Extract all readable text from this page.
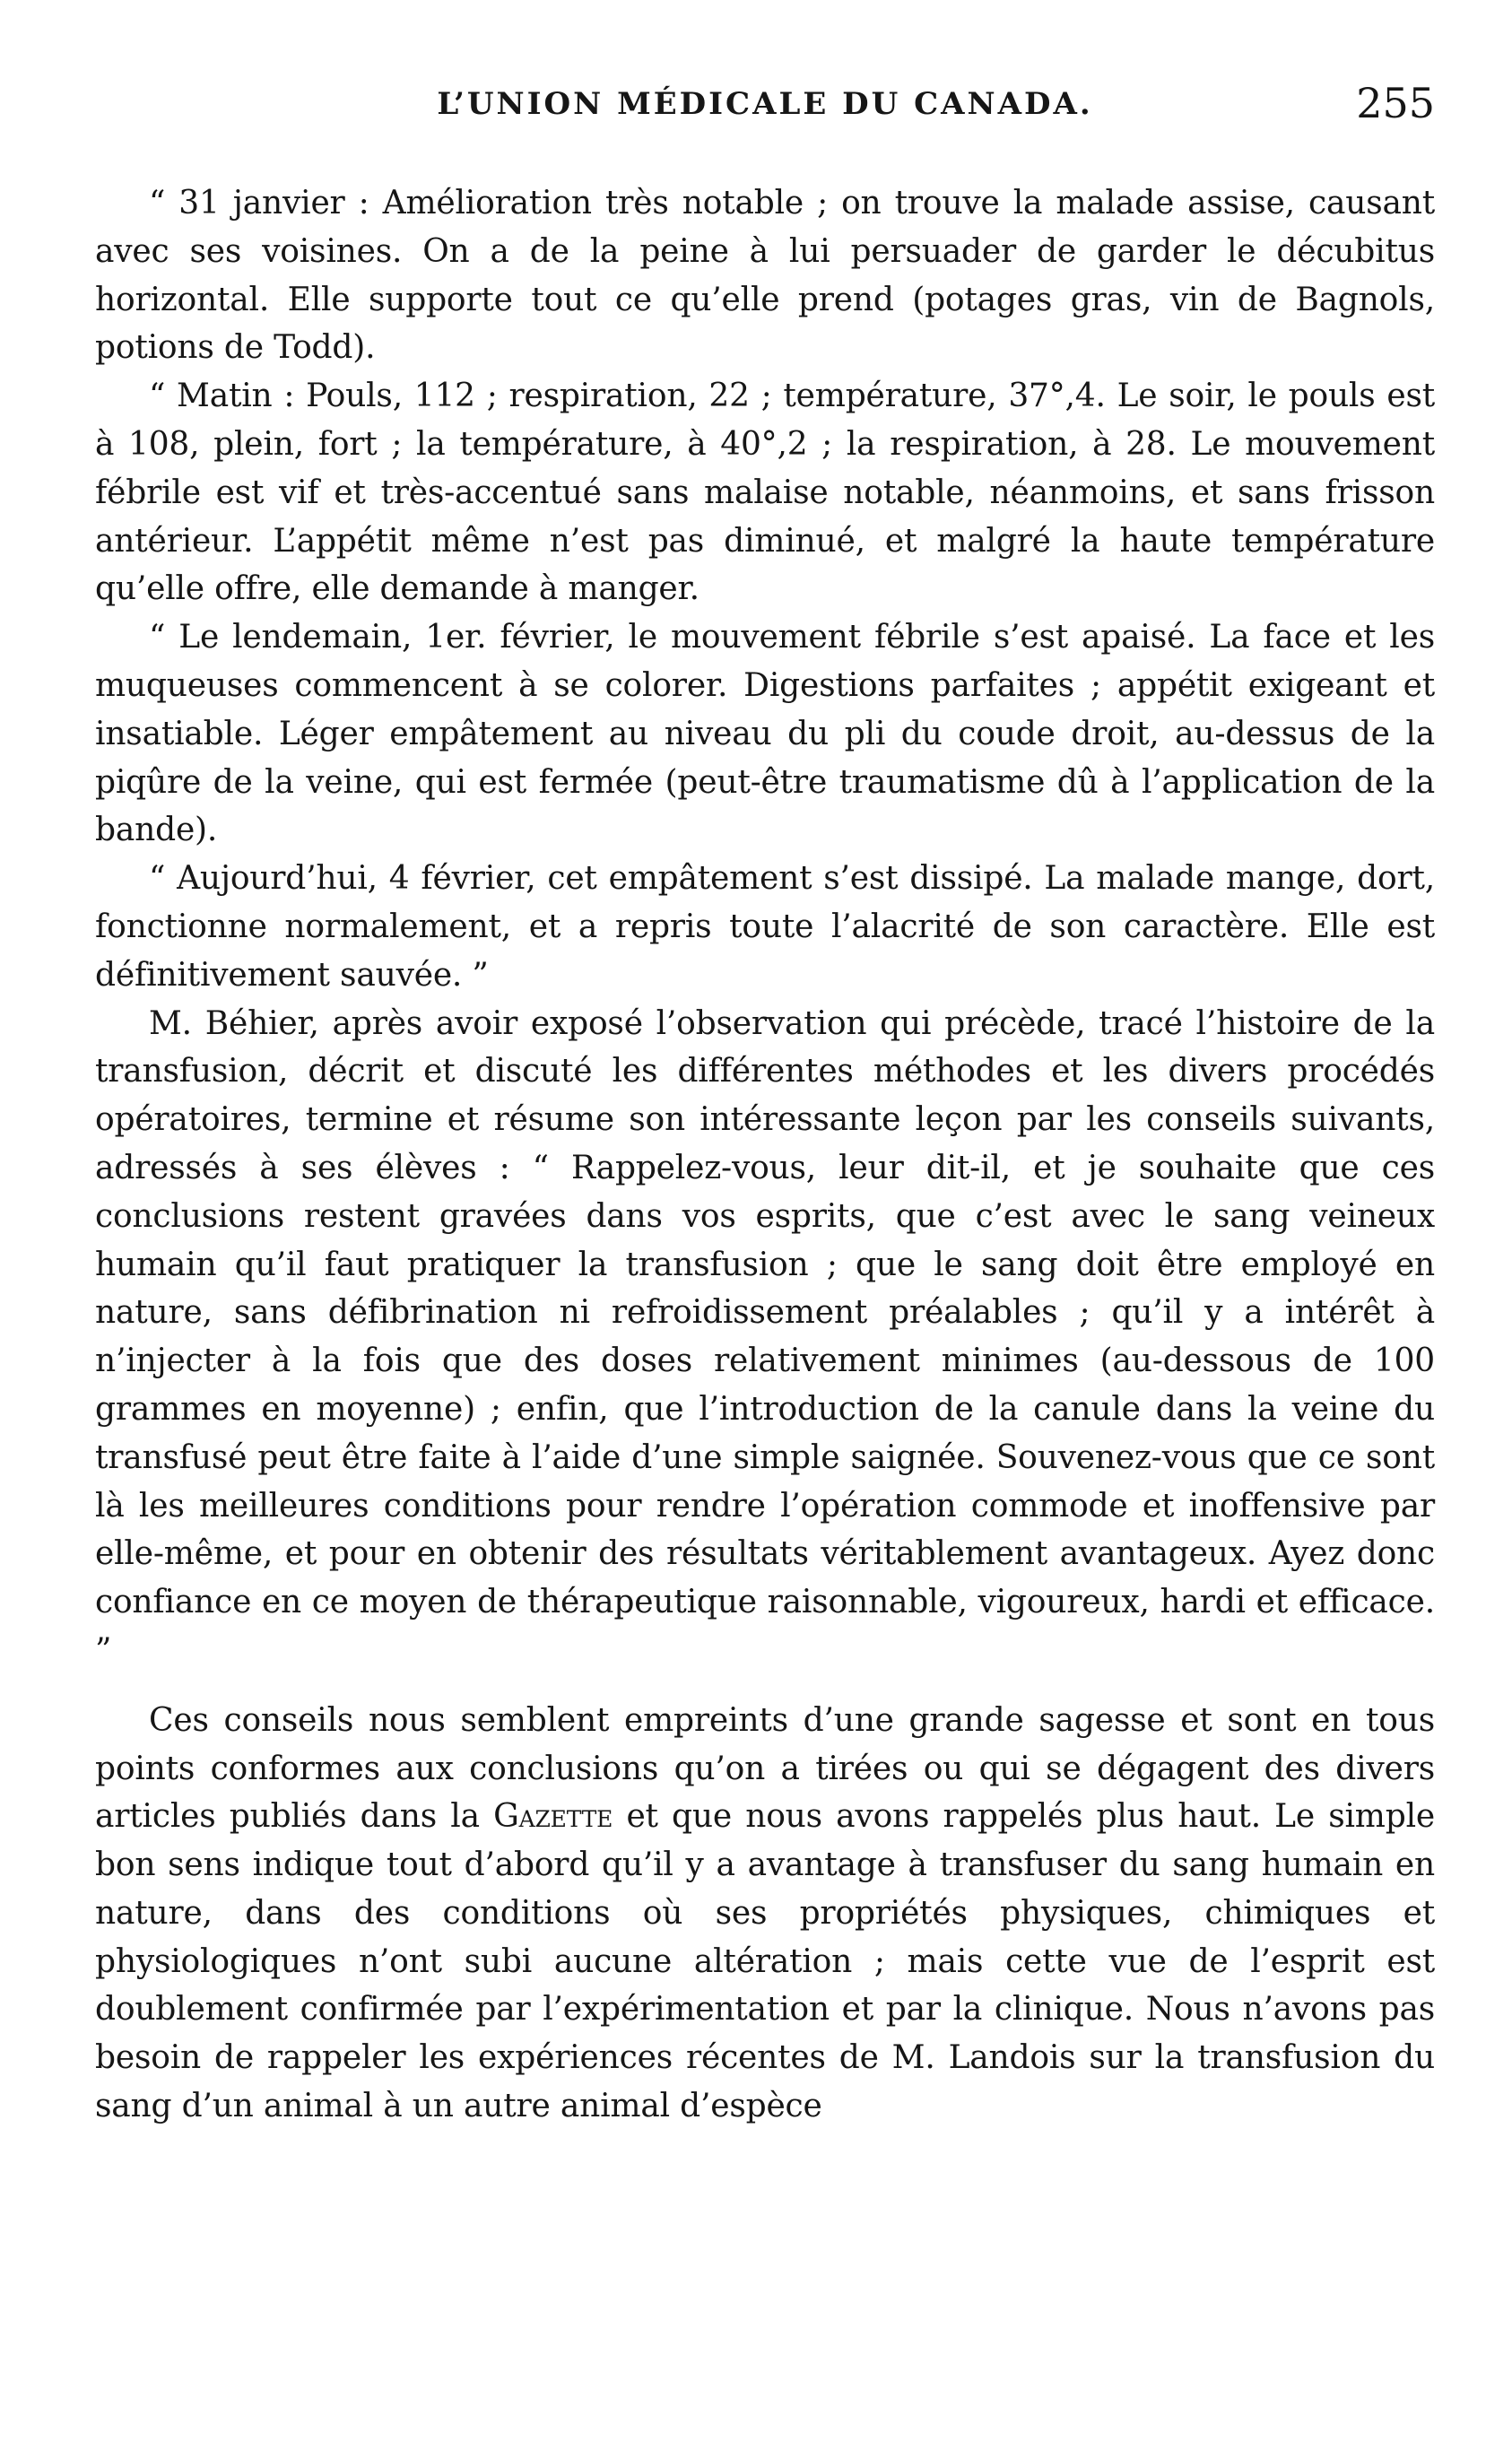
L’UNION MÉDICALE DU CANADA.	255

“ 31 janvier : Amélioration très notable ; on trouve la malade assise, causant avec ses voisines. On a de la peine à lui persuader de garder le décubitus horizontal. Elle supporte tout ce qu’elle prend (potages gras, vin de Bagnols, potions de Todd).

“ Matin : Pouls, 112 ; respiration, 22 ; température, 37°,4. Le soir, le pouls est à 108, plein, fort ; la température, à 40°,2 ; la respiration, à 28. Le mouvement fébrile est vif et très-accentué sans malaise notable, néanmoins, et sans frisson antérieur. L’appétit même n’est pas diminué, et malgré la haute température qu’elle offre, elle demande à manger.

“ Le lendemain, 1er. février, le mouvement fébrile s’est apaisé. La face et les muqueuses commencent à se colorer. Digestions parfaites ; appétit exigeant et insatiable. Léger empâtement au niveau du pli du coude droit, au-dessus de la piqûre de la veine, qui est fermée (peut-être traumatisme dû à l’application de la bande).

“ Aujourd’hui, 4 février, cet empâtement s’est dissipé. La malade mange, dort, fonctionne normalement, et a repris toute l’alacrité de son caractère. Elle est définitivement sauvée. ”

M. Béhier, après avoir exposé l’observation qui précède, tracé l’histoire de la transfusion, décrit et discuté les différentes méthodes et les divers procédés opératoires, termine et résume son intéressante leçon par les conseils suivants, adressés à ses élèves : “ Rappelez-vous, leur dit-il, et je souhaite que ces conclusions restent gravées dans vos esprits, que c’est avec le sang veineux humain qu’il faut pratiquer la transfusion ; que le sang doit être employé en nature, sans défibrination ni refroidissement préalables ; qu’il y a intérêt à n’injecter à la fois que des doses relativement minimes (au-dessous de 100 grammes en moyenne) ; enfin, que l’introduction de la canule dans la veine du transfusé peut être faite à l’aide d’une simple saignée. Souvenez-vous que ce sont là les meilleures conditions pour rendre l’opération commode et inoffensive par elle-même, et pour en obtenir des résultats véritablement avantageux. Ayez donc confiance en ce moyen de thérapeutique raisonnable, vigoureux, hardi et efficace. ”

Ces conseils nous semblent empreints d’une grande sagesse et sont en tous points conformes aux conclusions qu’on a tirées ou qui se dégagent des divers articles publiés dans la Gazette et que nous avons rappelés plus haut. Le simple bon sens indique tout d’abord qu’il y a avantage à transfuser du sang humain en nature, dans des conditions où ses propriétés physiques, chimiques et physiologiques n’ont subi aucune altération ; mais cette vue de l’esprit est doublement confirmée par l’expérimentation et par la clinique. Nous n’avons pas besoin de rappeler les expériences récentes de M. Landois sur la transfusion du sang d’un animal à un autre animal d’espèce
